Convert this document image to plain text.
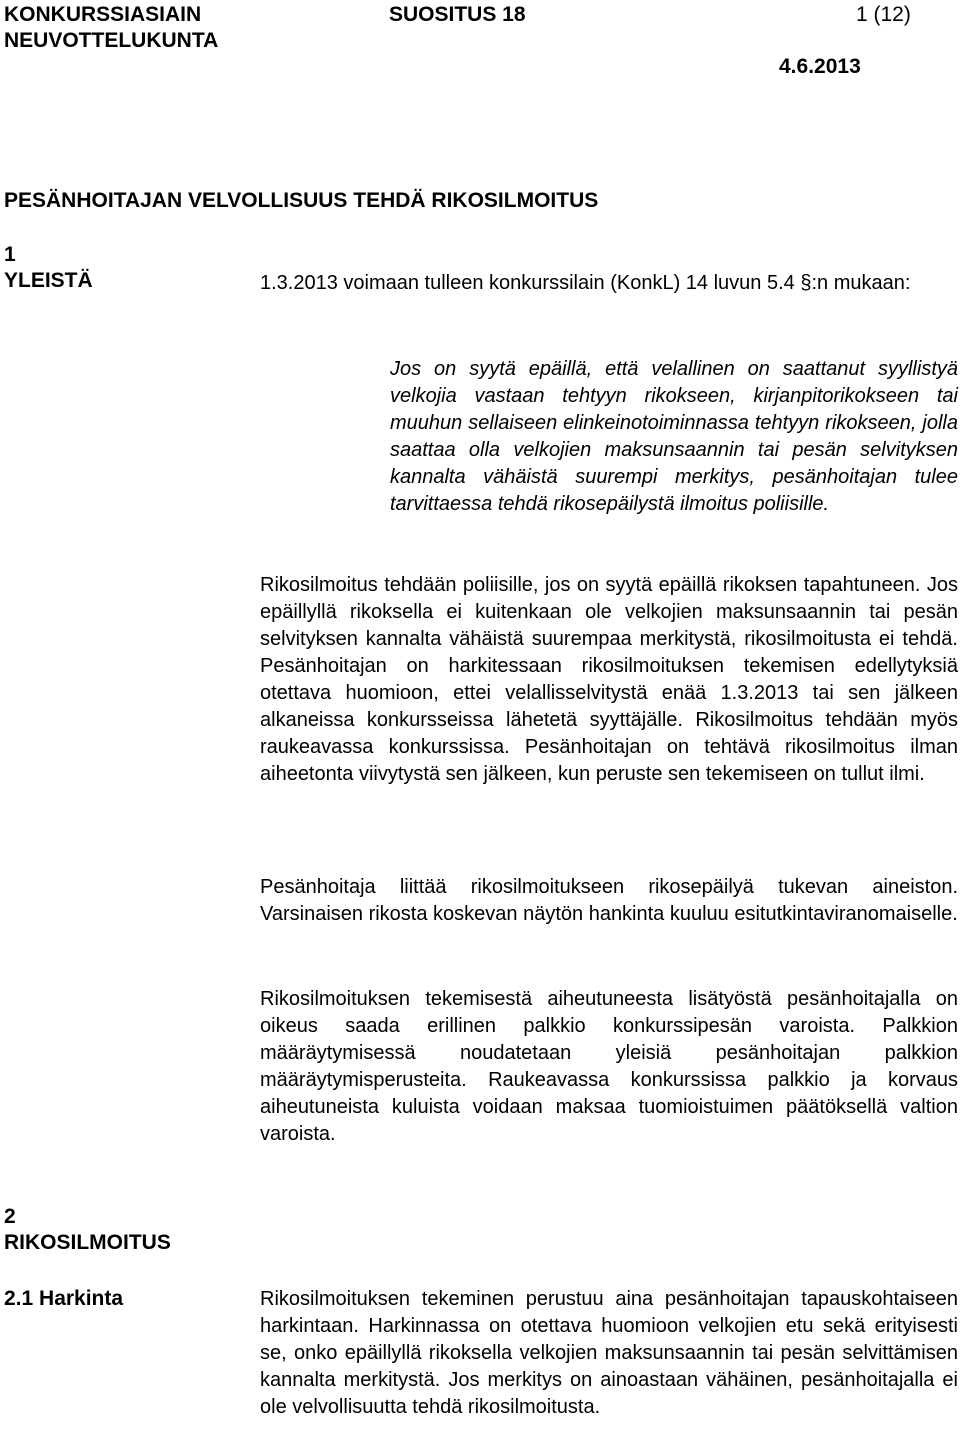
KONKURSSIASIAIN
NEUVOTTELUKUNTA
SUOSITUS 18	1 (12)
4.6.2013
PESÄNHOITAJAN VELVOLLISUUS TEHDÄ RIKOSILMOITUS
1
YLEISTÄ	1.3.2013 voimaan tulleen konkurssilain (KonkL) 14 luvun 5.4 §:n mukaan:

Jos on syytä epäillä, että velallinen on saattanut syyllistyä velkojia vastaan tehtyyn rikokseen, kirjanpitorikokseen tai muuhun sellaiseen elinkeinotoiminnassa tehtyyn rikokseen, jolla saattaa olla velkojien maksunsaannin tai pesän selvityksen kannalta vähäistä suurempi merkitys, pesänhoitajan tulee tarvittaessa tehdä rikosepäilystä ilmoitus poliisille.

Rikosilmoitus tehdään poliisille, jos on syytä epäillä rikoksen tapahtuneen. Jos epäillyllä rikoksella ei kuitenkaan ole velkojien maksunsaannin tai pesän selvityksen kannalta vähäistä suurempaa merkitystä, rikosilmoitusta ei tehdä. Pesänhoitajan on harkitessaan rikosilmoituksen tekemisen edellytyksiä otettava huomioon, ettei velallisselvitystä enää 1.3.2013 tai sen jälkeen alkaneissa konkursseissa lähetetä syyttäjälle. Rikosilmoitus tehdään myös raukeavassa konkurssissa. Pesänhoitajan on tehtävä rikosilmoitus ilman aiheetonta viivytystä sen jälkeen, kun peruste sen tekemiseen on tullut ilmi.

Pesänhoitaja liittää rikosilmoitukseen rikosepäilyä tukevan aineiston. Varsinaisen rikosta koskevan näytön hankinta kuuluu esitutkintaviranomaiselle.

Rikosilmoituksen tekemisestä aiheutuneesta lisätyöstä pesänhoitajalla on oikeus saada erillinen palkkio konkurssipesän varoista. Palkkion määräytymisessä noudatetaan yleisiä pesänhoitajan palkkion määräytymisperusteita. Raukeavassa konkurssissa palkkio ja korvaus aiheutuneista kuluista voidaan maksaa tuomioistuimen päätöksellä valtion varoista.

2
RIKOSILMOITUS
2.1 Harkinta	Rikosilmoituksen tekeminen perustuu aina pesänhoitajan tapauskohtaiseen harkintaan. Harkinnassa on otettava huomioon velkojien etu sekä erityisesti se, onko epäillyllä rikoksella velkojien maksunsaannin tai pesän selvittämisen kannalta merkitystä. Jos merkitys on ainoastaan vähäinen, pesänhoitajalla ei ole velvollisuutta tehdä rikosilmoitusta.
